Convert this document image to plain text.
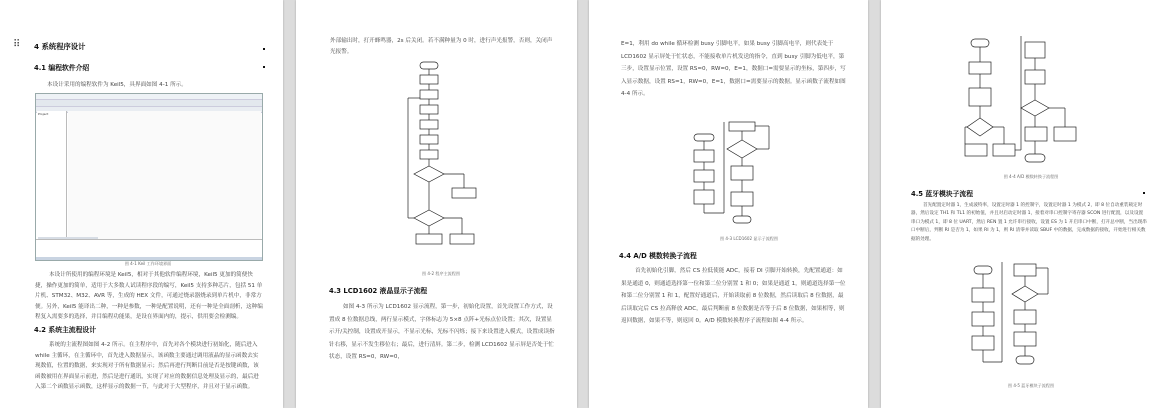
⠿ 4 系统程序设计
4.1 编程软件介绍

本设计采用的编程软件为 Keil5，具界面如图 4-1 所示。

Project
图 4-1 Keil 工作环境界面

本设计所使用的编程环境是 Keil5，相对于其他软件编程环境，Keil5 更加的简便快捷，操作更加的简单，适用于大多数人试读程序段的编写，Keil5 支持多种芯片，包括 51 单片机、STM32、M32、AVR 等，生成的 HEX 文件，可通过烧录器烧录到单片机中，非常方便。另外，Keil5 能译出二种，一种是参数，一种是配置说明，还有一种是全面剖析，这种编程复入需要多的选择，并目编程功能果，是设在界面内的，提示，供用要会检测编。

4.2 系统主流程设计

系统的主流程图如图 4-2 所示。在主程序中，首先对各个模块进行初始化，随后进入 while 主循环，在主循环中，首先进入数据显示，该函数主要通过调用液晶的显示函数去实现数值，位置的数据，来实现对于所有数据显示；然后再进行判断目前是否是按键函数，该函数被用在界面显示前进，然后是进行通讯，实现了对应的数据信息处理及显示的，最后进入第二个函数显示函数，这样显示的数据一节，与此对于大型程序，并且对于显示函数。

外部输出时，打开蜂鸣器，2s 后关闭。若不满种量为 0 时，进行声光报警，否则，关闭声光报警。

图 4-2 程序主流程图
4.3 LCD1602 液晶显示子流程

如图 4-3 所示为 LCD1602 显示流程，第一步，初始化设置，首先设置工作方式，设置成 8 位数据总线，两行显示模式，字体标志为 5×8 点阵+光标点位设置；其次，设置显示开/关控制，设置成开显示，不显示光标，光标不闪烁；接下来设置进入模式，设置成读指针右移，显示不发生移位右；最后，进行清屏。第二步，检测 LCD1602 显示屏是否处于忙状态，设置 RS=0，RW=0，

E=1，利用 do while 循环检测 busy 引脚电平，如果 busy 引脚高电平，则代表处于 LCD1602 显示屏处于忙状态，不能接收单片机发送的指令，直到 busy 引脚为低电平，第三步，设置显示位置，设置 RS=0，RW=0，E=1，数据口=需要显示的坐标，第四步，写入显示数据，设置 RS=1，RW=0，E=1，数据口=需要显示的数据。显示函数子流程如图 4-4 所示。

图 4-3 LCD1602 显示子流程图
4.4 A/D 模数转换子流程

首先初始化引脚，然后 CS 拉低使能 ADC，接着 DI 引脚开始转换，先配置通道：如果是通道 0，则通道选择第一位和第二位分别置 1 和 0；如果是通道 1，则通道选择第一位和第二位分别置 1 和 1，配置好通道后，开始读取前 8 位数据，然后读取后 8 位数据，最后读取完后 CS 拉高释放 ADC，最后判断前 8 位数据是否等于后 8 位数据，如果相等，则返回数据，如果不等，则返回 0。A/D 模数转换程序子流程如图 4-4 所示。

图 4-4 A/D 模数转换子流程图
4.5 蓝牙模块子流程

首先配置定时器 1，生成波特率，设置定时器 1 的控制字，设置定时器 1 为模式 2，即 8 位自动重装载定时器，然后设定 TH1 和 TL1 的初始值，并且对启动定时器 1，接着对串口控制字寄存器 SCON 进行配置，以及设置串口为模式 1，即 8 位 UART，然后 REN 置 1 允许串行接收，设置 ES 为 1 开启串口中断，打开总中断，当出现串口中断后，判断 RI 是否为 1，如果 RI 为 1，则 RI 清零并读取 SBUF 中的数据，完成数据的接收，开始进行相关数据的处理。

图 4-5 蓝牙模块子流程图
